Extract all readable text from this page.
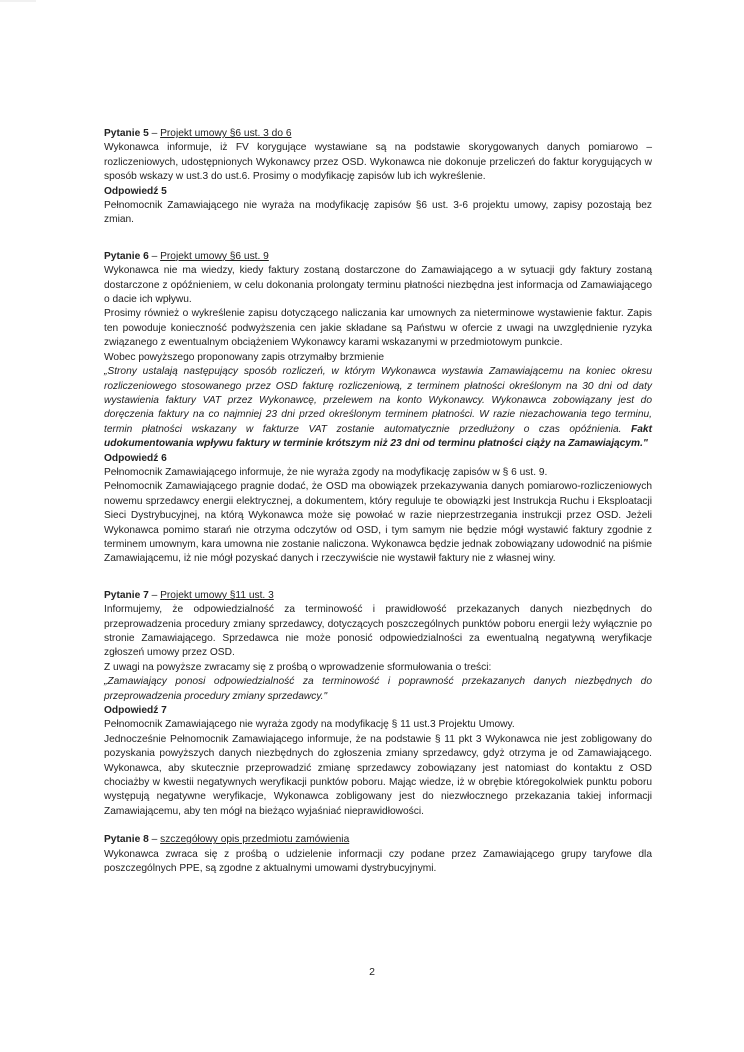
Pytanie 5 – Projekt umowy §6 ust. 3 do 6

Wykonawca informuje, iż FV korygujące wystawiane są na podstawie skorygowanych danych pomiarowo – rozliczeniowych, udostępnionych Wykonawcy przez OSD. Wykonawca nie dokonuje przeliczeń do faktur korygujących w sposób wskazy w ust.3 do ust.6. Prosimy o modyfikację zapisów lub ich wykreślenie.

Odpowiedź 5

Pełnomocnik Zamawiającego nie wyraża na modyfikację zapisów §6 ust. 3-6 projektu umowy, zapisy pozostają bez zmian.

Pytanie 6 – Projekt umowy §6 ust. 9

Wykonawca nie ma wiedzy, kiedy faktury zostaną dostarczone do Zamawiającego a w sytuacji gdy faktury zostaną dostarczone z opóźnieniem, w celu dokonania prolongaty terminu płatności niezbędna jest informacja od Zamawiającego o dacie ich wpływu.

Prosimy również o wykreślenie zapisu dotyczącego naliczania kar umownych za nieterminowe wystawienie faktur. Zapis ten powoduje konieczność podwyższenia cen jakie składane są Państwu w ofercie z uwagi na uwzględnienie ryzyka związanego z ewentualnym obciążeniem Wykonawcy karami wskazanymi w przedmiotowym punkcie.

Wobec powyższego proponowany zapis otrzymałby brzmienie

„Strony ustalają następujący sposób rozliczeń, w którym Wykonawca wystawia Zamawiającemu na koniec okresu rozliczeniowego stosowanego przez OSD fakturę rozliczeniową, z terminem płatności określonym na 30 dni od daty wystawienia faktury VAT przez Wykonawcę, przelewem na konto Wykonawcy. Wykonawca zobowiązany jest do doręczenia faktury na co najmniej 23 dni przed określonym terminem płatności. W razie niezachowania tego terminu, termin płatności wskazany w fakturze VAT zostanie automatycznie przedłużony o czas opóźnienia. Fakt udokumentowania wpływu faktury w terminie krótszym niż 23 dni od terminu płatności ciąży na Zamawiającym."

Odpowiedź 6

Pełnomocnik Zamawiającego informuje, że nie wyraża zgody na modyfikację zapisów w § 6 ust. 9.

Pełnomocnik Zamawiającego pragnie dodać, że OSD ma obowiązek przekazywania danych pomiarowo-rozliczeniowych nowemu sprzedawcy energii elektrycznej, a dokumentem, który reguluje te obowiązki jest Instrukcja Ruchu i Eksploatacji Sieci Dystrybucyjnej, na którą Wykonawca może się powołać w razie nieprzestrzegania instrukcji przez OSD. Jeżeli Wykonawca pomimo starań nie otrzyma odczytów od OSD, i tym samym nie będzie mógł wystawić faktury zgodnie z terminem umownym, kara umowna nie zostanie naliczona. Wykonawca będzie jednak zobowiązany udowodnić na piśmie Zamawiającemu, iż nie mógł pozyskać danych i rzeczywiście nie wystawił faktury nie z własnej winy.

Pytanie 7 – Projekt umowy §11 ust. 3

Informujemy, że odpowiedzialność za terminowość i prawidłowość przekazanych danych niezbędnych do przeprowadzenia procedury zmiany sprzedawcy, dotyczących poszczególnych punktów poboru energii leży wyłącznie po stronie Zamawiającego. Sprzedawca nie może ponosić odpowiedzialności za ewentualną negatywną weryfikacje zgłoszeń umowy przez OSD.

Z uwagi na powyższe zwracamy się z prośbą o wprowadzenie sformułowania o treści:

„Zamawiający ponosi odpowiedzialność za terminowość i poprawność przekazanych danych niezbędnych do przeprowadzenia procedury zmiany sprzedawcy."

Odpowiedź 7

Pełnomocnik Zamawiającego nie wyraża zgody na modyfikację § 11 ust.3 Projektu Umowy.

Jednocześnie Pełnomocnik Zamawiającego informuje, że na podstawie § 11 pkt 3 Wykonawca nie jest zobligowany do pozyskania powyższych danych niezbędnych do zgłoszenia zmiany sprzedawcy, gdyż otrzyma je od Zamawiającego. Wykonawca, aby skutecznie przeprowadzić zmianę sprzedawcy zobowiązany jest natomiast do kontaktu z OSD chociażby w kwestii negatywnych weryfikacji punktów poboru. Mając wiedze, iż w obrębie któregokolwiek punktu poboru występują negatywne weryfikacje, Wykonawca zobligowany jest do niezwłocznego przekazania takiej informacji Zamawiającemu, aby ten mógł na bieżąco wyjaśniać nieprawidłowości.

Pytanie 8 – szczegółowy opis przedmiotu zamówienia

Wykonawca zwraca się z prośbą o udzielenie informacji czy podane przez Zamawiającego grupy taryfowe dla poszczególnych PPE, są zgodne z aktualnymi umowami dystrybucyjnymi.

2
